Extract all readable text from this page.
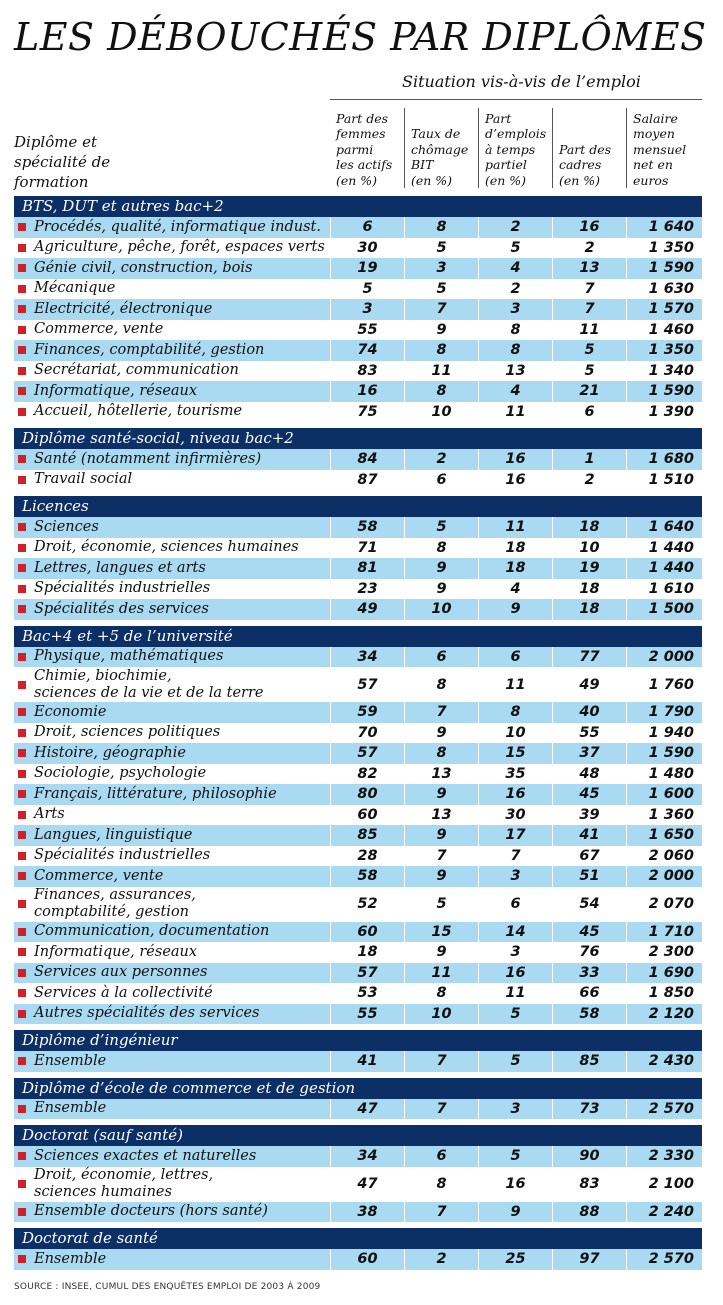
LES DÉBOUCHÉS PAR DIPLÔMES
Situation vis-à-vis de l’emploi
Diplôme et
spécialité de
formation
Part des
femmes
parmi
les actifs
(en %)
Taux de
chômage
BIT
(en %)
Part
d’emplois
à temps
partiel
(en %)
Part des
cadres
(en %)
Salaire
moyen
mensuel
net en
euros
BTS, DUT et autres bac+2
Procédés, qualité, informatique indust.	6	8	2	16	1 640
Agriculture, pêche, forêt, espaces verts	30	5	5	2	1 350
Génie civil, construction, bois	19	3	4	13	1 590
Mécanique	5	5	2	7	1 630
Electricité, électronique	3	7	3	7	1 570
Commerce, vente	55	9	8	11	1 460
Finances, comptabilité, gestion	74	8	8	5	1 350
Secrétariat, communication	83	11	13	5	1 340
Informatique, réseaux	16	8	4	21	1 590
Accueil, hôtellerie, tourisme	75	10	11	6	1 390
Diplôme santé-social, niveau bac+2
Santé (notamment infirmières)	84	2	16	1	1 680
Travail social	87	6	16	2	1 510
Licences
Sciences	58	5	11	18	1 640
Droit, économie, sciences humaines	71	8	18	10	1 440
Lettres, langues et arts	81	9	18	19	1 440
Spécialités industrielles	23	9	4	18	1 610
Spécialités des services	49	10	9	18	1 500
Bac+4 et +5 de l’université
Physique, mathématiques	34	6	6	77	2 000
Chimie, biochimie,
sciences de la vie et de la terre	57	8	11	49	1 760
Economie	59	7	8	40	1 790
Droit, sciences politiques	70	9	10	55	1 940
Histoire, géographie	57	8	15	37	1 590
Sociologie, psychologie	82	13	35	48	1 480
Français, littérature, philosophie	80	9	16	45	1 600
Arts	60	13	30	39	1 360
Langues, linguistique	85	9	17	41	1 650
Spécialités industrielles	28	7	7	67	2 060
Commerce, vente	58	9	3	51	2 000
Finances, assurances,
comptabilité, gestion	52	5	6	54	2 070
Communication, documentation	60	15	14	45	1 710
Informatique, réseaux	18	9	3	76	2 300
Services aux personnes	57	11	16	33	1 690
Services à la collectivité	53	8	11	66	1 850
Autres spécialités des services	55	10	5	58	2 120
Diplôme d’ingénieur
Ensemble	41	7	5	85	2 430
Diplôme d’école de commerce et de gestion
Ensemble	47	7	3	73	2 570
Doctorat (sauf santé)
Sciences exactes et naturelles	34	6	5	90	2 330
Droit, économie, lettres,
sciences humaines	47	8	16	83	2 100
Ensemble docteurs (hors santé)	38	7	9	88	2 240
Doctorat de santé
Ensemble	60	2	25	97	2 570
SOURCE : INSEE, CUMUL DES ENQUÊTES EMPLOI DE 2003 À 2009
